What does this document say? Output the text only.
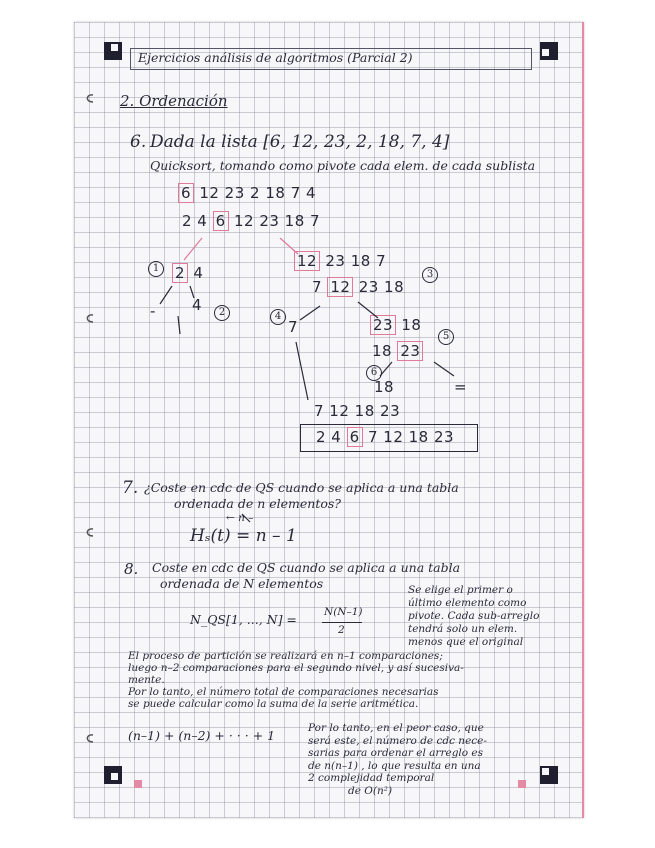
Ejercicios análisis de algoritmos (Parcial 2)
2. Ordenación
6. Dada la lista [6, 12, 23, 2, 18, 7, 4]
Quicksort, tomando como pivote cada elem. de cada sublista
6 12 23 2 18 7 4
2 4 6 12 23 18 7
1	2 4
- 4	2
12 23 18 7
3
7 12 23 18
4
7	23 18
5
18 23
6
18	=
7 12 18 23
2 4 6 7 12 18 23
7. ¿Coste en cdc de QS cuando se aplica a una tabla
ordenada de n elementos?
← n –
Hₛ(t) = n – 1
8. Coste en cdc de QS cuando se aplica a una tabla
ordenada de N elementos
N_QS[1, ..., N] =	N(N–1)
2
Se elige el primer o
último elemento como
pivote. Cada sub-arreglo
tendrá solo un elem.
menos que el original
El proceso de partición se realizará en n–1 comparaciones;
luego n–2 comparaciones para el segundo nivel, y así sucesiva-
mente.
Por lo tanto, el número total de comparaciones necesarias
se puede calcular como la suma de la serie aritmética.
(n–1) + (n–2) + · · · + 1	Por lo tanto, en el peor caso, que
será este, el número de cdc nece-
sarias para ordenar el arreglo es
de n(n–1) , lo que resulta en una
2 complejidad temporal
de O(n²)
